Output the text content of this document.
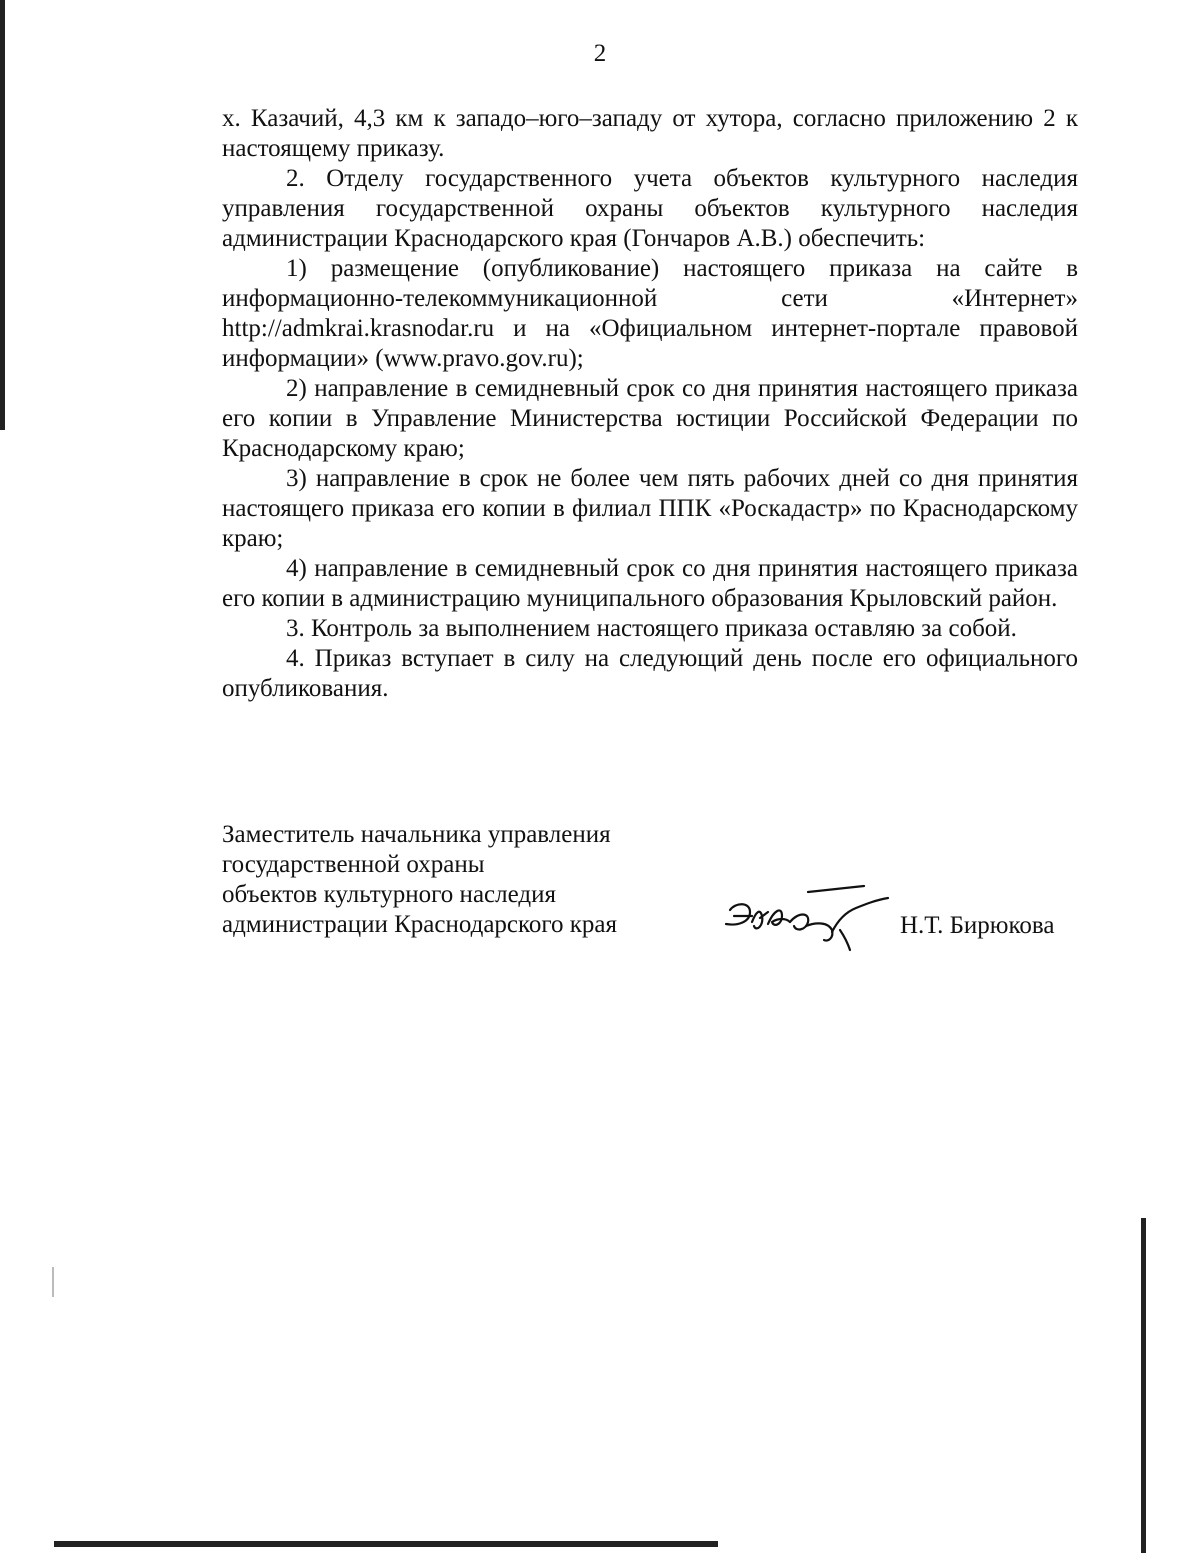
2

х. Казачий, 4,3 км к западо–юго–западу от хутора, согласно приложению 2 к настоящему приказу.

2. Отделу государственного учета объектов культурного наследия управления государственной охраны объектов культурного наследия администрации Краснодарского края (Гончаров А.В.) обеспечить:

1) размещение (опубликование) настоящего приказа на сайте в информационно-телекоммуникационной сети «Интернет» http://admkrai.krasnodar.ru и на «Официальном интернет-портале правовой информации» (www.pravo.gov.ru);

2) направление в семидневный срок со дня принятия настоящего приказа его копии в Управление Министерства юстиции Российской Федерации по Краснодарскому краю;

3) направление в срок не более чем пять рабочих дней со дня принятия настоящего приказа его копии в филиал ППК «Роскадастр» по Краснодарскому краю;

4) направление в семидневный срок со дня принятия настоящего приказа его копии в администрацию муниципального образования Крыловский район.

3. Контроль за выполнением настоящего приказа оставляю за собой.

4. Приказ вступает в силу на следующий день после его официального опубликования.

Заместитель начальника управления
государственной охраны
объектов культурного наследия
администрации Краснодарского края	Н.Т. Бирюкова
